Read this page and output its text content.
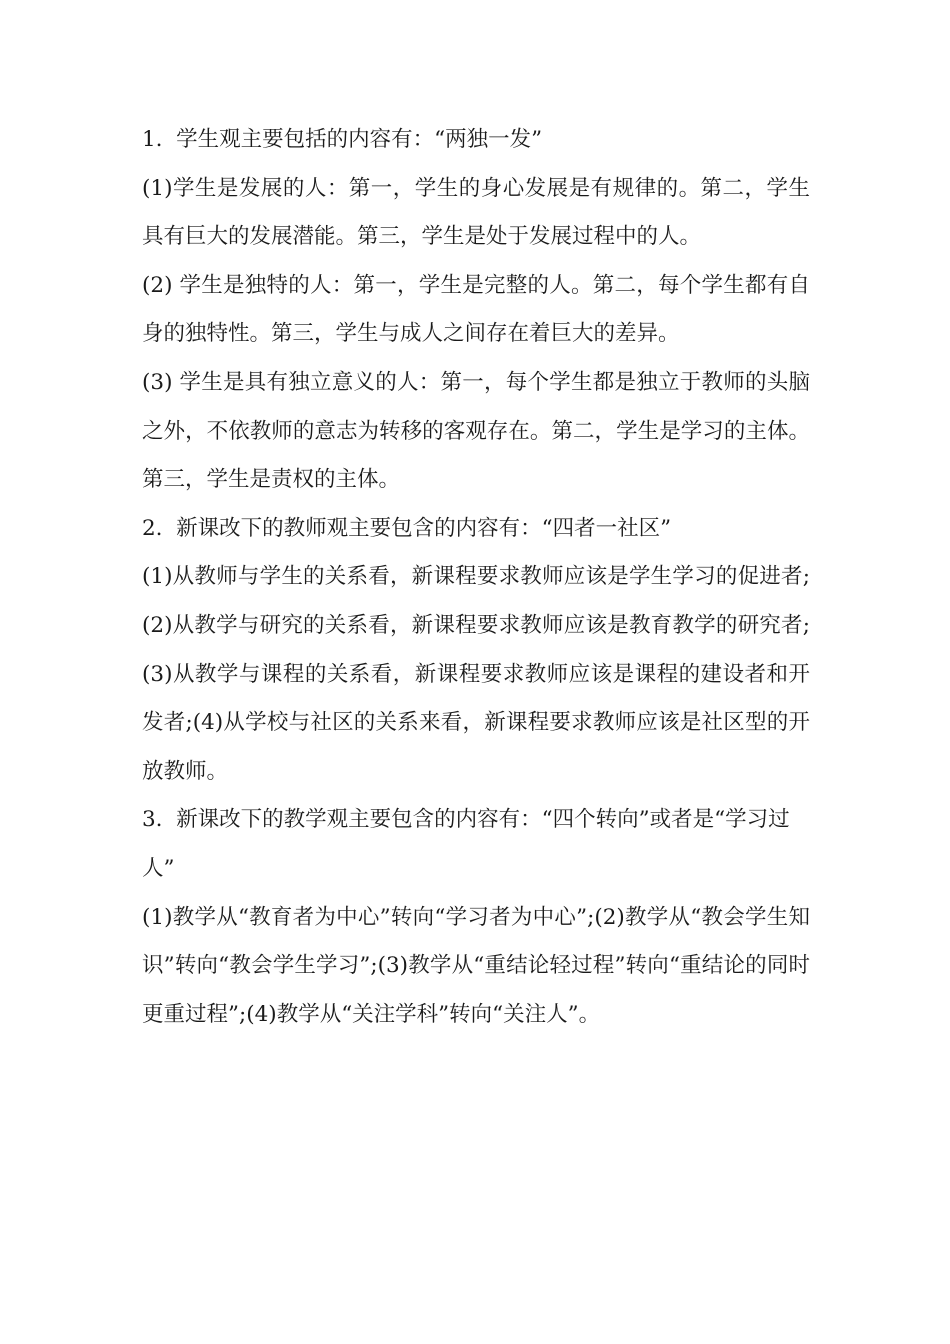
1.  学生观主要包括的内容有：“两独一发”

(1)学生是发展的人：第一，学生的身心发展是有规律的。第二，学生具有巨大的发展潜能。第三，学生是处于发展过程中的人。

(2) 学生是独特的人：第一，学生是完整的人。第二，每个学生都有自身的独特性。第三，学生与成人之间存在着巨大的差异。

(3) 学生是具有独立意义的人：第一，每个学生都是独立于教师的头脑之外，不依教师的意志为转移的客观存在。第二，学生是学习的主体。第三，学生是责权的主体。

2.  新课改下的教师观主要包含的内容有：“四者一社区”

(1)从教师与学生的关系看，新课程要求教师应该是学生学习的促进者;(2)从教学与研究的关系看，新课程要求教师应该是教育教学的研究者;(3)从教学与课程的关系看，新课程要求教师应该是课程的建设者和开发者;(4)从学校与社区的关系来看，新课程要求教师应该是社区型的开放教师。

3.  新课改下的教学观主要包含的内容有：“四个转向”或者是“学习过人”

(1)教学从“教育者为中心”转向“学习者为中心”;(2)教学从“教会学生知识”转向“教会学生学习”;(3)教学从“重结论轻过程”转向“重结论的同时更重过程”;(4)教学从“关注学科”转向“关注人”。
